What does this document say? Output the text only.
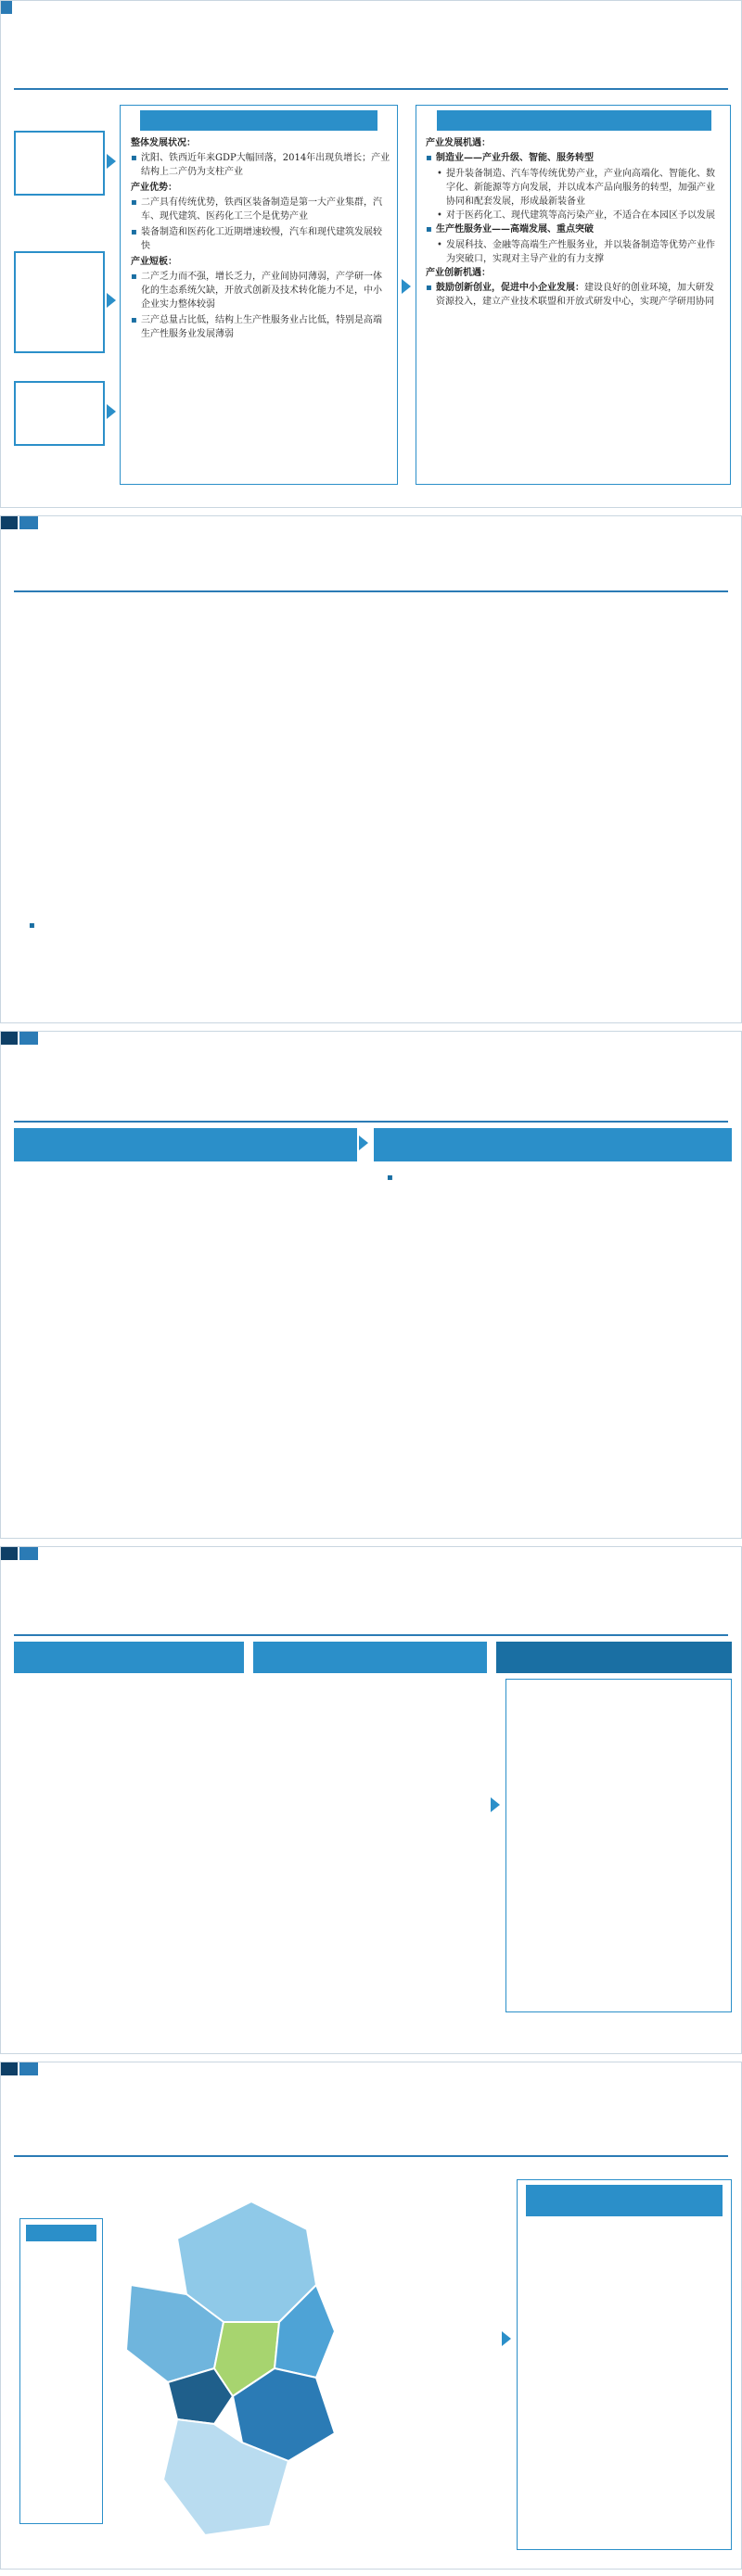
整体发展状况：
▪ 沈阳、铁西近年来GDP大幅回落，2014年出现负增长；产业结构上二产仍为支柱产业
产业优势：
▪ 二产具有传统优势，铁西区装备制造是第一大产业集群，汽车、现代建筑、医药化工三个是优势产业
▪ 装备制造和医药化工近期增速较慢，汽车和现代建筑发展较快
产业短板：
▪ 二产乏力而不强，增长乏力，产业间协同薄弱，产学研一体化的生态系统欠缺，开放式创新及技术转化能力不足，中小企业实力整体较弱
▪ 三产总量占比低，结构上生产性服务业占比低，特别是高端生产性服务业发展薄弱
产业发展机遇：
▪ 制造业——产业升级、智能、服务转型
• 提升装备制造、汽车等传统优势产业，产业向高端化、智能化、数字化、新能源等方向发展，并以成本产品向服务的转型，加强产业协同和配套发展，形成最新装备业
• 对于医药化工、现代建筑等高污染产业，不适合在本园区予以发展
▪ 生产性服务业——高端发展、重点突破
• 发展科技、金融等高端生产性服务业，并以装备制造等优势产业作为突破口，实现对主导产业的有力支撑
产业创新机遇：
▪ 鼓励创新创业，促进中小企业发展：建设良好的创业环境，加大研发资源投入，建立产业技术联盟和开放式研发中心，实现产学研用协同
